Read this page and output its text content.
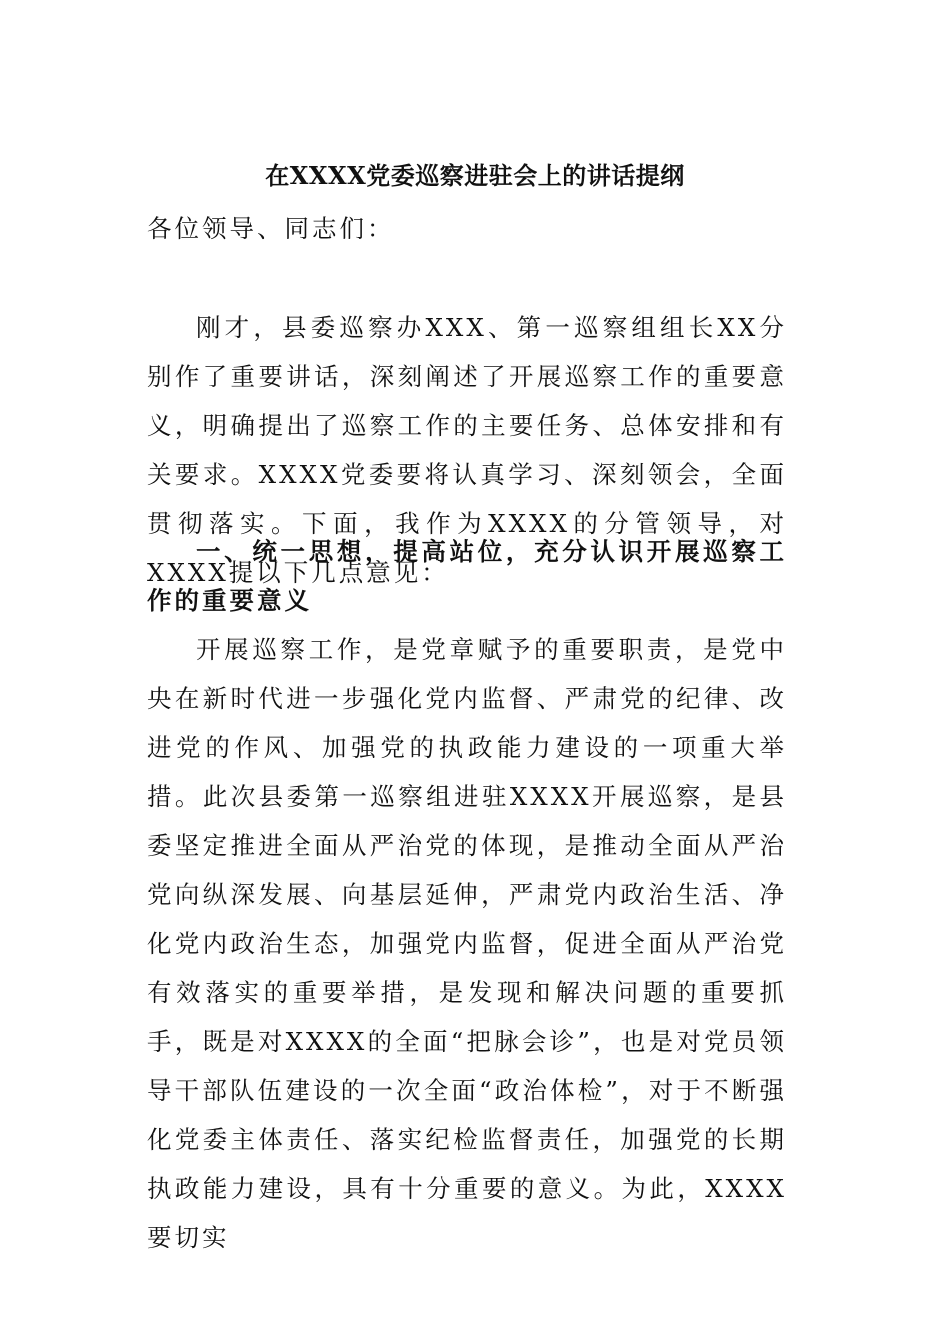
在XXXX党委巡察进驻会上的讲话提纲
各位领导、同志们：
刚才，县委巡察办XXX、第一巡察组组长XX分别作了重要讲话，深刻阐述了开展巡察工作的重要意义，明确提出了巡察工作的主要任务、总体安排和有关要求。XXXX党委要将认真学习、深刻领会，全面贯彻落实。下面，我作为XXXX的分管领导，对XXXX提以下几点意见：
一、统一思想，提高站位，充分认识开展巡察工作的重要意义
开展巡察工作，是党章赋予的重要职责，是党中央在新时代进一步强化党内监督、严肃党的纪律、改进党的作风、加强党的执政能力建设的一项重大举措。此次县委第一巡察组进驻XXXX开展巡察，是县委坚定推进全面从严治党的体现，是推动全面从严治党向纵深发展、向基层延伸，严肃党内政治生活、净化党内政治生态，加强党内监督，促进全面从严治党有效落实的重要举措，是发现和解决问题的重要抓手，既是对XXXX的全面“把脉会诊”，也是对党员领导干部队伍建设的一次全面“政治体检”，对于不断强化党委主体责任、落实纪检监督责任，加强党的长期执政能力建设，具有十分重要的意义。为此，XXXX要切实
